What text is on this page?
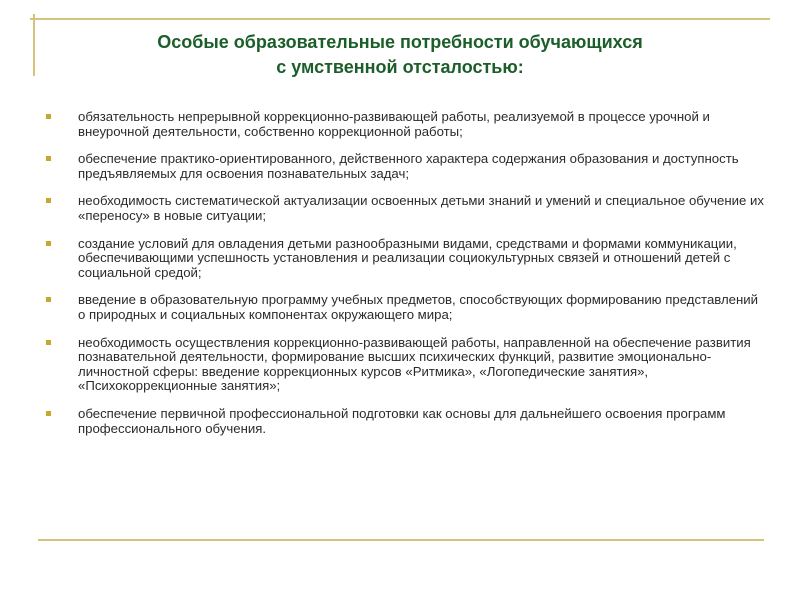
Особые образовательные потребности обучающихся
с умственной отсталостью:
обязательность непрерывной коррекционно-развивающей работы, реализуемой в процессе урочной и внеурочной деятельности, собственно коррекционной работы;
обеспечение практико-ориентированного, действенного характера содержания образования и доступность предъявляемых для освоения познавательных задач;
необходимость систематической актуализации освоенных детьми знаний и умений и специальное обучение их «переносу» в новые ситуации;
создание условий для овладения детьми разнообразными видами, средствами и формами коммуникации, обеспечивающими успешность установления и реализации социокультурных связей и отношений детей с социальной средой;
введение в образовательную программу учебных предметов, способствующих формированию представлений о природных и социальных компонентах окружающего мира;
необходимость осуществления коррекционно-развивающей работы, направленной на обеспечение развития познавательной деятельности, формирование высших психических функций, развитие эмоционально-личностной сферы: введение коррекционных курсов «Ритмика», «Логопедические занятия», «Психокоррекционные занятия»;
обеспечение первичной профессиональной подготовки как основы для дальнейшего освоения программ профессионального обучения.
